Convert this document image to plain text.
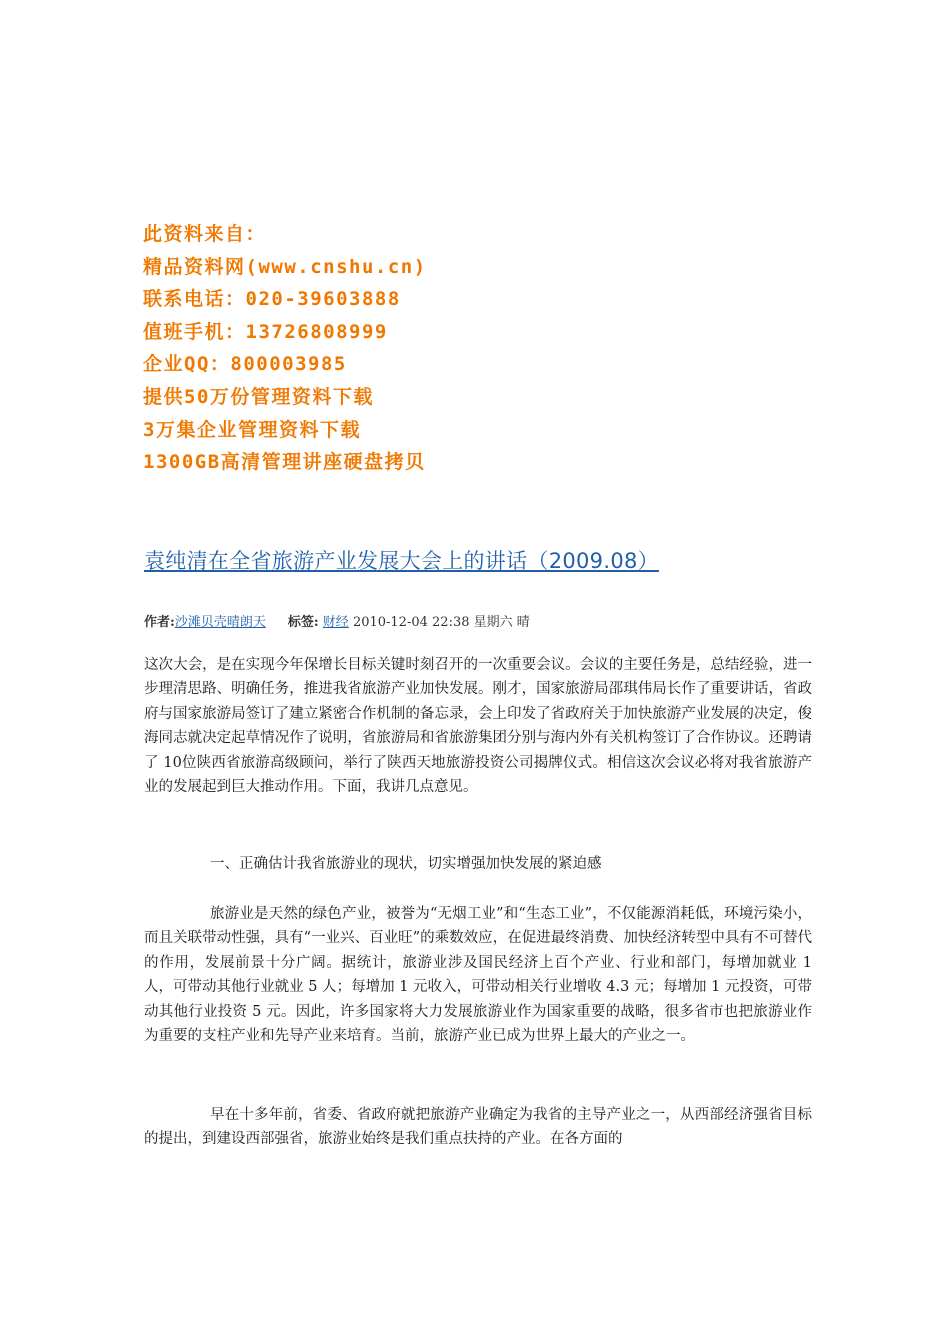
此资料来自：
精品资料网(www.cnshu.cn)
联系电话：020-39603888
值班手机：13726808999
企业QQ：800003985
提供50万份管理资料下载
3万集企业管理资料下载
1300GB高清管理讲座硬盘拷贝
袁纯清在全省旅游产业发展大会上的讲话（2009.08）
作者:沙滩贝壳晴朗天 标签: 财经 2010-12-04 22:38 星期六 晴
这次大会，是在实现今年保增长目标关键时刻召开的一次重要会议。会议的主要任务是，总结经验，进一步理清思路、明确任务，推进我省旅游产业加快发展。刚才，国家旅游局邵琪伟局长作了重要讲话，省政府与国家旅游局签订了建立紧密合作机制的备忘录，会上印发了省政府关于加快旅游产业发展的决定，俊海同志就决定起草情况作了说明，省旅游局和省旅游集团分别与海内外有关机构签订了合作协议。还聘请了 10位陕西省旅游高级顾问，举行了陕西天地旅游投资公司揭牌仪式。相信这次会议必将对我省旅游产业的发展起到巨大推动作用。下面，我讲几点意见。
一、正确估计我省旅游业的现状，切实增强加快发展的紧迫感
旅游业是天然的绿色产业，被誉为“无烟工业”和“生态工业”，不仅能源消耗低，环境污染小，而且关联带动性强，具有“一业兴、百业旺”的乘数效应，在促进最终消费、加快经济转型中具有不可替代的作用，发展前景十分广阔。据统计，旅游业涉及国民经济上百个产业、行业和部门，每增加就业 1 人，可带动其他行业就业 5 人；每增加 1 元收入，可带动相关行业增收 4.3 元；每增加 1 元投资，可带动其他行业投资 5 元。因此，许多国家将大力发展旅游业作为国家重要的战略，很多省市也把旅游业作为重要的支柱产业和先导产业来培育。当前，旅游产业已成为世界上最大的产业之一。
早在十多年前，省委、省政府就把旅游产业确定为我省的主导产业之一，从西部经济强省目标的提出，到建设西部强省，旅游业始终是我们重点扶持的产业。在各方面的
